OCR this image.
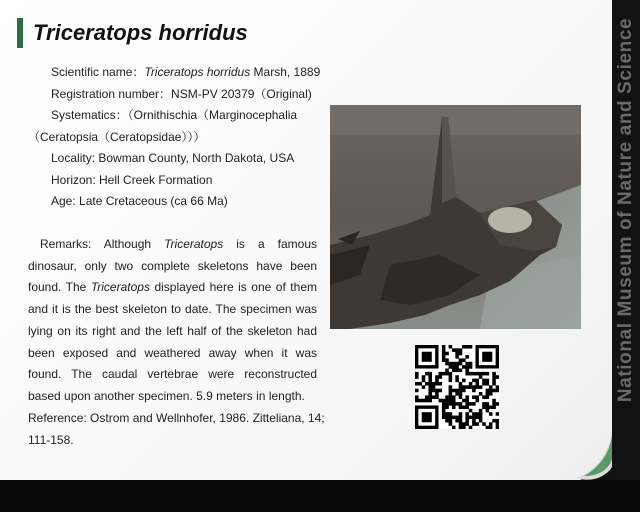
Triceratops horridus
Scientific name：Triceratops horridus Marsh, 1889
Registration number：NSM-PV 20379（Original)
Systematics：（Ornithischia（Marginocephalia
（Ceratopsia（Ceratopsidae）））
Locality: Bowman County, North Dakota, USA
Horizon: Hell Creek Formation
Age: Late Cretaceous (ca 66 Ma)

Remarks: Although Triceratops is a famous dinosaur, only two complete skeletons have been found. The Triceratops displayed here is one of them and it is the best skeleton to date. The specimen was lying on its right and the left half of the skeleton had been exposed and weathered away when it was found. The caudal vertebrae were reconstructed based upon another specimen. 5.9 meters in length.

Reference: Ostrom and Wellnhofer, 1986. Zitteliana, 14; 111-158.
National Museum of Nature and Science
